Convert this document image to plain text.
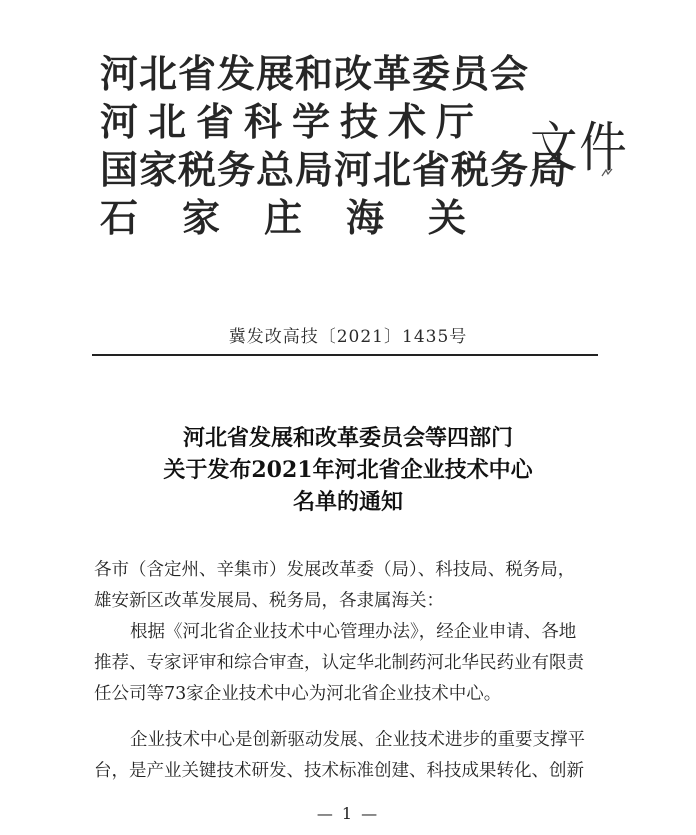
河北省发展和改革委员会
河北省科学技术厅
国家税务总局河北省税务局
石家庄海关
文件
冀发改高技〔2021〕1435号
河北省发展和改革委员会等四部门
关于发布2021年河北省企业技术中心
名单的通知
各市（含定州、辛集市）发展改革委（局）、科技局、税务局，
雄安新区改革发展局、税务局，各隶属海关：
根据《河北省企业技术中心管理办法》，经企业申请、各地
推荐、专家评审和综合审查，认定华北制药河北华民药业有限责
任公司等73家企业技术中心为河北省企业技术中心。
企业技术中心是创新驱动发展、企业技术进步的重要支撑平
台，是产业关键技术研发、技术标准创建、科技成果转化、创新
— 1 —
